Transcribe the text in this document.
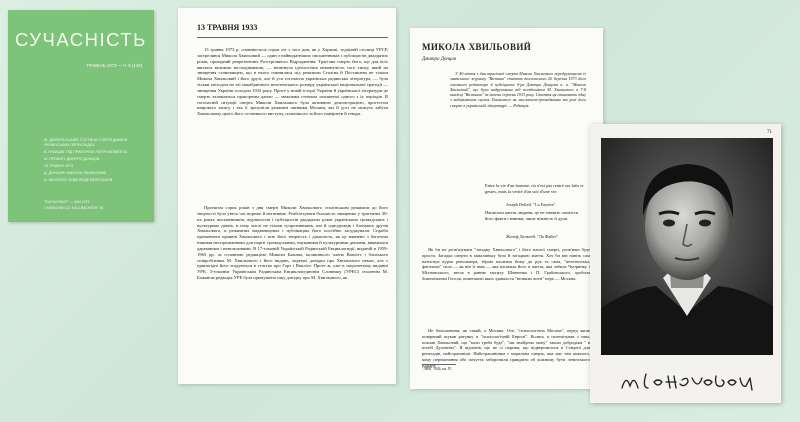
СУЧАСНІСТЬ
ТРАВЕНЬ 1973 — Ч. 5 (149)
Ж. ДЮПЕЛЬСЬКИЙ: ГОСТИНА СТАРОЇ ДАМИ В УКРАЇНСЬКИХ ПЕРЕКЛАДАХ
Б. КРАВЦІВ: ПІД ПРАПОРОМ ЛЮТРОКОМІТЕТА
М. ПРОКОП: ДМИТРО ДОНЦОВ
13 ТРАВНЯ 1973
Д. ДОНЦОВ: МИКОЛА ХВИЛЬОВИЙ
А. ЖАЛТЕКО: КУДИ ВЕДЕ ВЕЛЕСЬКОВ
"SUCHASNIST" — MAI 1973
2 MÜNCHEN 22, KAULBACHSTR. 16
13 ТРАВНЯ 1933

13 травня 1973 р. сповнюється сорок літ з того дня, як у Харкові, тодішній столиці УРСР, застрелився Микола Хвильовий — один з найвидатніших письменників і публіцистів двадцятих років, провідний репрезентант Розстріляного Відродження. Трагічна смерть його, що для всіх явилася великою несподіванкою, — неминуча ідеологічна неминучість того тиску, який на знищення становищем, що в нього опинилися під режимом Сталіна й Постишева не тільки Микола Хвильовий і його друзі, але й уся тогочасна українська радянська література, — була тільки епізодом на тлі макабричного велетенського розміру української національної трагедії — знищення України голодом 1933 року. Проте у новій історії України й української літератури це смерть залишиться прапорним датою — межовим стовпом залишеної одного з їх періодів. В тогочасній ситуації смерть Миколи Хвильового була активною демонстрацією, протестом широкого засягу і так її зрозуміли режимні чинники Москви, які й досі не можуть забути Хвильовому цього його останнього виступу, сильнішого за його памфлети й етюди.

Протягом сорок років з дня смерті Миколи Хвильового сталінським режимом до його творчості було увесь час вороже й негативне. Реабілітувати більшість знищених у трагічних 30-их роках письменників, журналістів і публіцистів двадцятих років українських громадських і культурних діячів, в тому числі не тільки супротивників, але й однодумців і близьких друзів Хвильового, в режимних видавництвах і публікаціях його постійно засуджували. Спроби промовчати проявів Хвильового і всю його творчість і діяльність, як це вчинено з багатьма іншими неспроміжними для партії громадськими, науковими й культурними діячами, виявилися даремними і неможливими. В 17-томовій Українській Радянській Енциклопедії, виданій в 1959-1965 рр. за головною редакцією Миколи Бажана, колишнього члена Ваплітє і близького співробітника М. Хвильового і його видань, окремої довідки про Хвильового немає, але є принагідні його згадуються в статтях про Гарт і Вапліте. Проте ж, уже в скороченому виданні УРЕ, 3-томовім Українськім Радянськім Енциклопедичнім Словнику (УРЕС) очоленім М. Бажаном редакція УРЕ була примушена таку довідку про М. Хвильового, як

МИКОЛА ХВИЛЬОВИЙ
Дмитро Донцов

У 40-ліття з дня трагічної смерті Миколи Хвильового передруковуємо із львівського журналу "Вістник" статтю тогочасного 20 березня 1973 його головного редактора й публіциста д-ра Дмитра Донцова п. н. "Микола Хвильовий", що була надрукована під псевдонімом М. Хвильового в 7-8 книжці "Вістника" за липень-серпень 1933 року. Стаття ця становить одну з найцікавіших оцінок Хвильового як мислителя-громадянина та ролі його смерті в українській літературі. — Редакція.

Entre la vie d'un homme, où n'est pas rentré ses faits et gestes, mais la verité d'un soir d'une vie.

Joseph Delteil. "La Fayette".

Написали життя людини, це не значить оповісти його факти і вчинки, лише ніжність її душі.

Жозеф Дельтей. "Ла Файєт".

Як би не розв'язувати "загадку Хвильового" і його наглої смерті, розв'язка буде проста. Загадка смерти в замалиньку була й загадкою життя. Хоч би він навіть сам натиснув курок револьвера, зброю вложила йому до рук та сама, "велетенська, фатальна" сила — як він її звав — яка вложила його в життя, яка забила Чупринку і Міхновського, звела в ранню могилу Шевченка і П. Грабовського, зробила божевільним Гоголя, поменшою яких здавалося "великих воєн" пера — Москва.

Не большовизм, як такий, а Москва. Оте, "психологічна Москва", перед якою повірений шукав ратунку в "психологічній Европі". Колись я полемізував з ним, поклав Хвильовий, що "коли треба буде", "ми знайдемо мову" таким добродіям " в штабі Духовнім". Я відповів, що не сі пориви, що відвертаються в Совдепі для ренегадів, найстрашніші. Найстрашнішим є моральна смерть, яка має там кожного, кому переконання або почуття заборонили прикрити об кожному бути ленінського Корану".

"ЛНВ" 1926, кн. IV.
71
